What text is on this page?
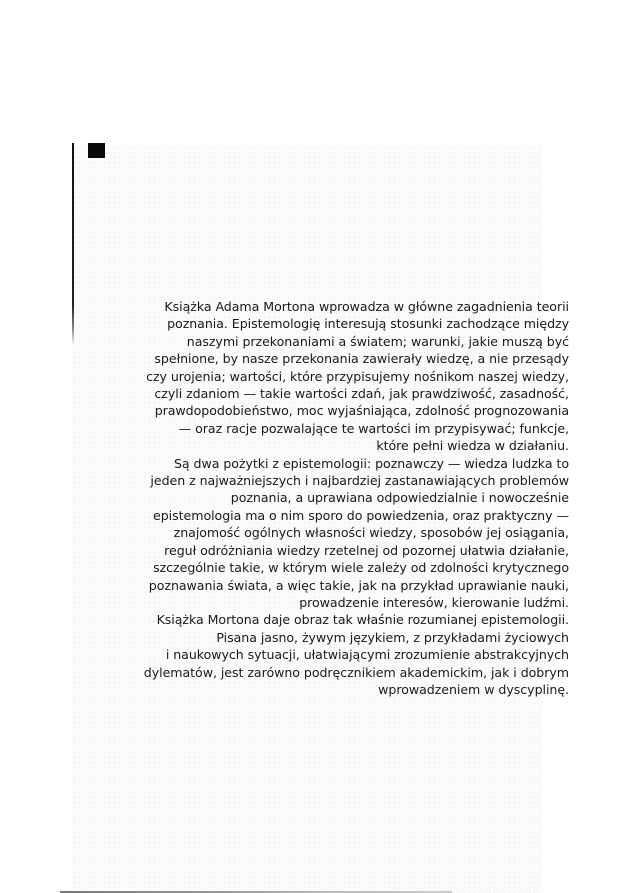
Książka Adama Mortona wprowadza w główne zagadnienia teorii
poznania. Epistemologię interesują stosunki zachodzące między
naszymi przekonaniami a światem; warunki, jakie muszą być
spełnione, by nasze przekonania zawierały wiedzę, a nie przesądy
czy urojenia; wartości, które przypisujemy nośnikom naszej wiedzy,
czyli zdaniom — takie wartości zdań, jak prawdziwość, zasadność,
prawdopodobieństwo, moc wyjaśniająca, zdolność prognozowania
— oraz racje pozwalające te wartości im przypisywać; funkcje,
które pełni wiedza w działaniu.
Są dwa pożytki z epistemologii: poznawczy — wiedza ludzka to
jeden z najważniejszych i najbardziej zastanawiających problemów
poznania, a uprawiana odpowiedzialnie i nowocześnie
epistemologia ma o nim sporo do powiedzenia, oraz praktyczny —
znajomość ogólnych własności wiedzy, sposobów jej osiągania,
reguł odróżniania wiedzy rzetelnej od pozornej ułatwia działanie,
szczególnie takie, w którym wiele zależy od zdolności krytycznego
poznawania świata, a więc takie, jak na przykład uprawianie nauki,
prowadzenie interesów, kierowanie ludźmi.
Książka Mortona daje obraz tak właśnie rozumianej epistemologii.
Pisana jasno, żywym językiem, z przykładami życiowych
i naukowych sytuacji, ułatwiającymi zrozumienie abstrakcyjnych
dylematów, jest zarówno podręcznikiem akademickim, jak i dobrym
wprowadzeniem w dyscyplinę.
